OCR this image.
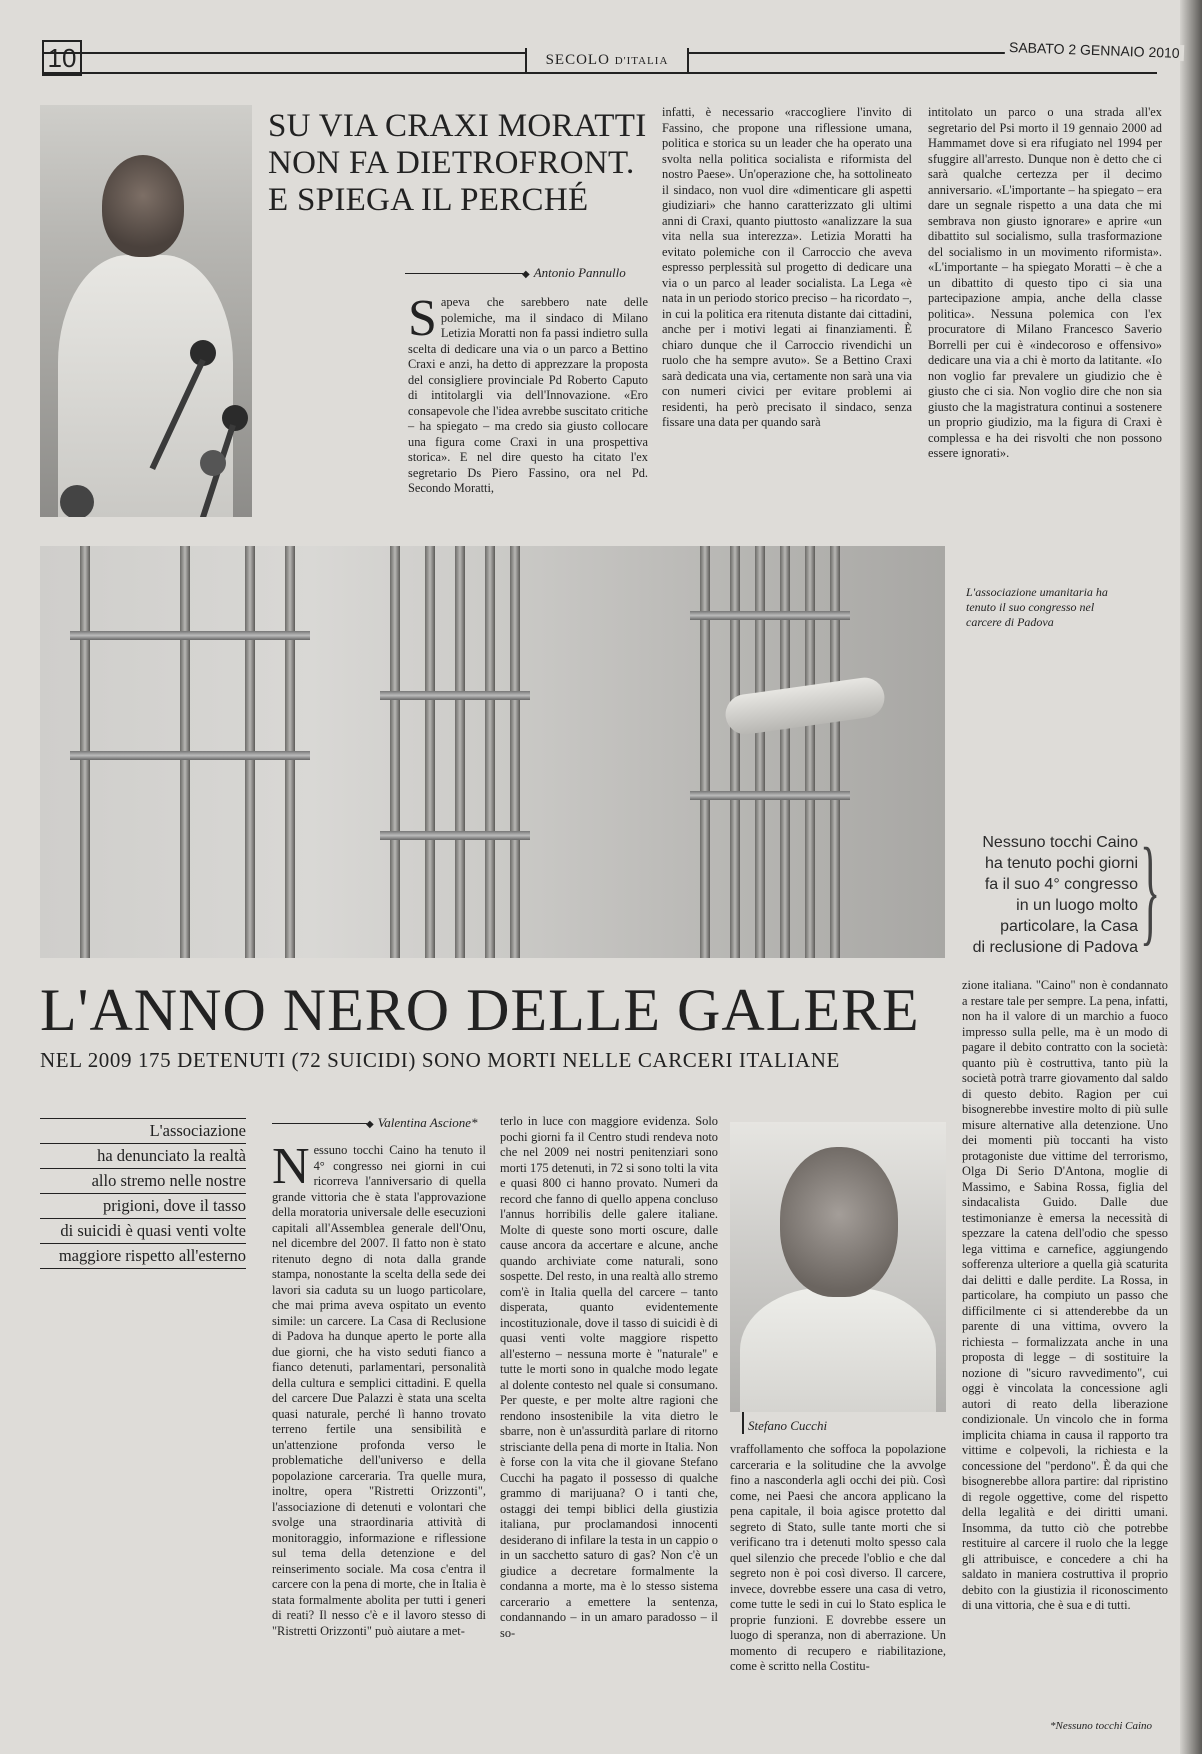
10	SECOLO D'ITALIA
SABATO 2 GENNAIO 2010
SU VIA CRAXI MORATTI
NON FA DIETROFRONT.
E SPIEGA IL PERCHÉ
◆ Antonio Pannullo
Sapeva che sarebbero nate delle polemiche, ma il sindaco di Milano Letizia Moratti non fa passi indietro sulla scelta di dedicare una via o un parco a Bettino Craxi e anzi, ha detto di apprezzare la proposta del consigliere provinciale Pd Roberto Caputo di intitolargli via dell'Innovazione. «Ero consapevole che l'idea avrebbe suscitato critiche – ha spiegato – ma credo sia giusto collocare una figura come Craxi in una prospettiva storica». E nel dire questo ha citato l'ex segretario Ds Piero Fassino, ora nel Pd. Secondo Moratti,
infatti, è necessario «raccogliere l'invito di Fassino, che propone una riflessione umana, politica e storica su un leader che ha operato una svolta nella politica socialista e riformista del nostro Paese». Un'operazione che, ha sottolineato il sindaco, non vuol dire «dimenticare gli aspetti giudiziari» che hanno caratterizzato gli ultimi anni di Craxi, quanto piuttosto «analizzare la sua vita nella sua interezza». Letizia Moratti ha evitato polemiche con il Carroccio che aveva espresso perplessità sul progetto di dedicare una via o un parco al leader socialista. La Lega «è nata in un periodo storico preciso – ha ricordato –, in cui la politica era ritenuta distante dai cittadini, anche per i motivi legati ai finanziamenti. È chiaro dunque che il Carroccio rivendichi un ruolo che ha sempre avuto». Se a Bettino Craxi sarà dedicata una via, certamente non sarà una via con numeri civici per evitare problemi ai residenti, ha però precisato il sindaco, senza fissare una data per quando sarà
intitolato un parco o una strada all'ex segretario del Psi morto il 19 gennaio 2000 ad Hammamet dove si era rifugiato nel 1994 per sfuggire all'arresto. Dunque non è detto che ci sarà qualche certezza per il decimo anniversario. «L'importante – ha spiegato – era dare un segnale rispetto a una data che mi sembrava non giusto ignorare» e aprire «un dibattito sul socialismo, sulla trasformazione del socialismo in un movimento riformista». «L'importante – ha spiegato Moratti – è che a un dibattito di questo tipo ci sia una partecipazione ampia, anche della classe politica». Nessuna polemica con l'ex procuratore di Milano Francesco Saverio Borrelli per cui è «indecoroso e offensivo» dedicare una via a chi è morto da latitante. «Io non voglio far prevalere un giudizio che è giusto che ci sia. Non voglio dire che non sia giusto che la magistratura continui a sostenere un proprio giudizio, ma la figura di Craxi è complessa e ha dei risvolti che non possono essere ignorati».
L'associazione umanitaria ha tenuto il suo congresso nel carcere di Padova
Nessuno tocchi Caino
ha tenuto pochi giorni
fa il suo 4° congresso
in un luogo molto
particolare, la Casa
di reclusione di Padova }
L'ANNO NERO DELLE GALERE
NEL 2009 175 DETENUTI (72 SUICIDI) SONO MORTI NELLE CARCERI ITALIANE
L'associazione
ha denunciato la realtà
allo stremo nelle nostre
prigioni, dove il tasso
di suicidi è quasi venti volte
maggiore rispetto all'esterno
◆ Valentina Ascione*
Nessuno tocchi Caino ha tenuto il 4° congresso nei giorni in cui ricorreva l'anniversario di quella grande vittoria che è stata l'approvazione della moratoria universale delle esecuzioni capitali all'Assemblea generale dell'Onu, nel dicembre del 2007. Il fatto non è stato ritenuto degno di nota dalla grande stampa, nonostante la scelta della sede dei lavori sia caduta su un luogo particolare, che mai prima aveva ospitato un evento simile: un carcere. La Casa di Reclusione di Padova ha dunque aperto le porte alla due giorni, che ha visto seduti fianco a fianco detenuti, parlamentari, personalità della cultura e semplici cittadini. E quella del carcere Due Palazzi è stata una scelta quasi naturale, perché lì hanno trovato terreno fertile una sensibilità e un'attenzione profonda verso le problematiche dell'universo e della popolazione carceraria. Tra quelle mura, inoltre, opera "Ristretti Orizzonti", l'associazione di detenuti e volontari che svolge una straordinaria attività di monitoraggio, informazione e riflessione sul tema della detenzione e del reinserimento sociale. Ma cosa c'entra il carcere con la pena di morte, che in Italia è stata formalmente abolita per tutti i generi di reati? Il nesso c'è e il lavoro stesso di "Ristretti Orizzonti" può aiutare a met-
terlo in luce con maggiore evidenza. Solo pochi giorni fa il Centro studi rendeva noto che nel 2009 nei nostri penitenziari sono morti 175 detenuti, in 72 si sono tolti la vita e quasi 800 ci hanno provato. Numeri da record che fanno di quello appena concluso l'annus horribilis delle galere italiane. Molte di queste sono morti oscure, dalle cause ancora da accertare e alcune, anche quando archiviate come naturali, sono sospette. Del resto, in una realtà allo stremo com'è in Italia quella del carcere – tanto disperata, quanto evidentemente incostituzionale, dove il tasso di suicidi è di quasi venti volte maggiore rispetto all'esterno – nessuna morte è "naturale" e tutte le morti sono in qualche modo legate al dolente contesto nel quale si consumano. Per queste, e per molte altre ragioni che rendono insostenibile la vita dietro le sbarre, non è un'assurdità parlare di ritorno strisciante della pena di morte in Italia. Non è forse con la vita che il giovane Stefano Cucchi ha pagato il possesso di qualche grammo di marijuana? O i tanti che, ostaggi dei tempi biblici della giustizia italiana, pur proclamandosi innocenti desiderano di infilare la testa in un cappio o in un sacchetto saturo di gas? Non c'è un giudice a decretare formalmente la condanna a morte, ma è lo stesso sistema carcerario a emettere la sentenza, condannando – in un amaro paradosso – il so-
Stefano Cucchi
vraffollamento che soffoca la popolazione carceraria e la solitudine che la avvolge fino a nasconderla agli occhi dei più. Così come, nei Paesi che ancora applicano la pena capitale, il boia agisce protetto dal segreto di Stato, sulle tante morti che si verificano tra i detenuti molto spesso cala quel silenzio che precede l'oblio e che dal segreto non è poi così diverso. Il carcere, invece, dovrebbe essere una casa di vetro, come tutte le sedi in cui lo Stato esplica le proprie funzioni. E dovrebbe essere un luogo di speranza, non di aberrazione. Un momento di recupero e riabilitazione, come è scritto nella Costitu-
zione italiana. "Caino" non è condannato a restare tale per sempre. La pena, infatti, non ha il valore di un marchio a fuoco impresso sulla pelle, ma è un modo di pagare il debito contratto con la società: quanto più è costruttiva, tanto più la società potrà trarre giovamento dal saldo di questo debito. Ragion per cui bisognerebbe investire molto di più sulle misure alternative alla detenzione. Uno dei momenti più toccanti ha visto protagoniste due vittime del terrorismo, Olga Di Serio D'Antona, moglie di Massimo, e Sabina Rossa, figlia del sindacalista Guido. Dalle due testimonianze è emersa la necessità di spezzare la catena dell'odio che spesso lega vittima e carnefice, aggiungendo sofferenza ulteriore a quella già scaturita dai delitti e dalle perdite. La Rossa, in particolare, ha compiuto un passo che difficilmente ci si attenderebbe da un parente di una vittima, ovvero la richiesta – formalizzata anche in una proposta di legge – di sostituire la nozione di "sicuro ravvedimento", cui oggi è vincolata la concessione agli autori di reato della liberazione condizionale. Un vincolo che in forma implicita chiama in causa il rapporto tra vittime e colpevoli, la richiesta e la concessione del "perdono". È da qui che bisognerebbe allora partire: dal ripristino di regole oggettive, come del rispetto della legalità e dei diritti umani. Insomma, da tutto ciò che potrebbe restituire al carcere il ruolo che la legge gli attribuisce, e concedere a chi ha saldato in maniera costruttiva il proprio debito con la giustizia il riconoscimento di una vittoria, che è sua e di tutti.
*Nessuno tocchi Caino
